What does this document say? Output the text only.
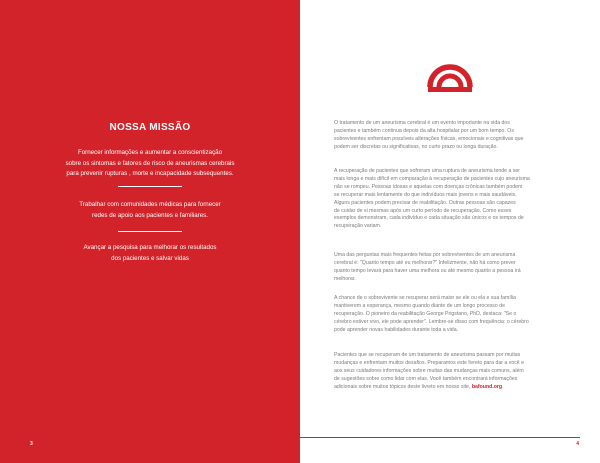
NOSSA MISSÃO

Fornecer informações e aumentar a conscientização

sobre os sintomas e fatores de risco de aneurismas cerebrais

para prevenir rupturas , morte e incapacidade subsequentes.

Trabalhar com comunidades médicas para fornecer

redes de apoio aos pacientes e familiares.

Avançar a pesquisa para melhorar os resultados

dos pacientes e salvar vidas

3
O tratamento de um aneurisma cerebral é um evento importante na vida dos
pacientes e também continua depois da alta hospitalar por um bom tempo. Os
sobreviventes enfrentam possíveis alterações físicas, emocionais e cognitivas que
podem ser discretas ou significativas, no curto prazo ou longa duração.
A recuperação de pacientes que sofreram uma ruptura de aneurisma tende a ser
mais longa e mais difícil em comparação à recuperação de pacientes cujo aneurisma
não se rompeu. Pessoas idosas e aquelas com doenças crônicas também podem
se recuperar mais lentamente do que indivíduos mais jovens e mais saudáveis.
Alguns pacientes podem precisar de reabilitação. Outras pessoas são capazes
de cuidar de si mesmas após um curto período de recuperação. Como esses
exemplos demonstram, cada indivíduo e cada situação são únicos e os tempos de
recuperação variam.
Uma das perguntas mais frequentes feitas por sobreviventes de um aneurisma
cerebral é: "Quanto tempo até eu melhorar?" Infelizmente, não há como prever
quanto tempo levará para haver uma melhora ou até mesmo quanto a pessoa irá
melhorar.
A chance de o sobrevivente se recuperar será maior se ele ou ela e sua família
mantiverem a esperança, mesmo quando diante de um longo processo de
recuperação. O pioneiro da reabilitação George Prigstano, PhD, destaca: "Se o
cérebro estiver vivo, ele pode aprender". Lembre-se disso com frequência: o cérebro
pode aprender novas habilidades durante toda a vida.
Pacientes que se recuperam de um tratamento de aneurisma passam por muitas
mudanças e enfrentam muitos desafios. Preparamos este livreto para dar a você e
aos seus cuidadores informações sobre muitas das mudanças mais comuns, além
de sugestões sobre como lidar com elas. Você também encontrará informações
adicionais sobre muitos tópicos deste livreto em nosso site, bafound.org.
4
